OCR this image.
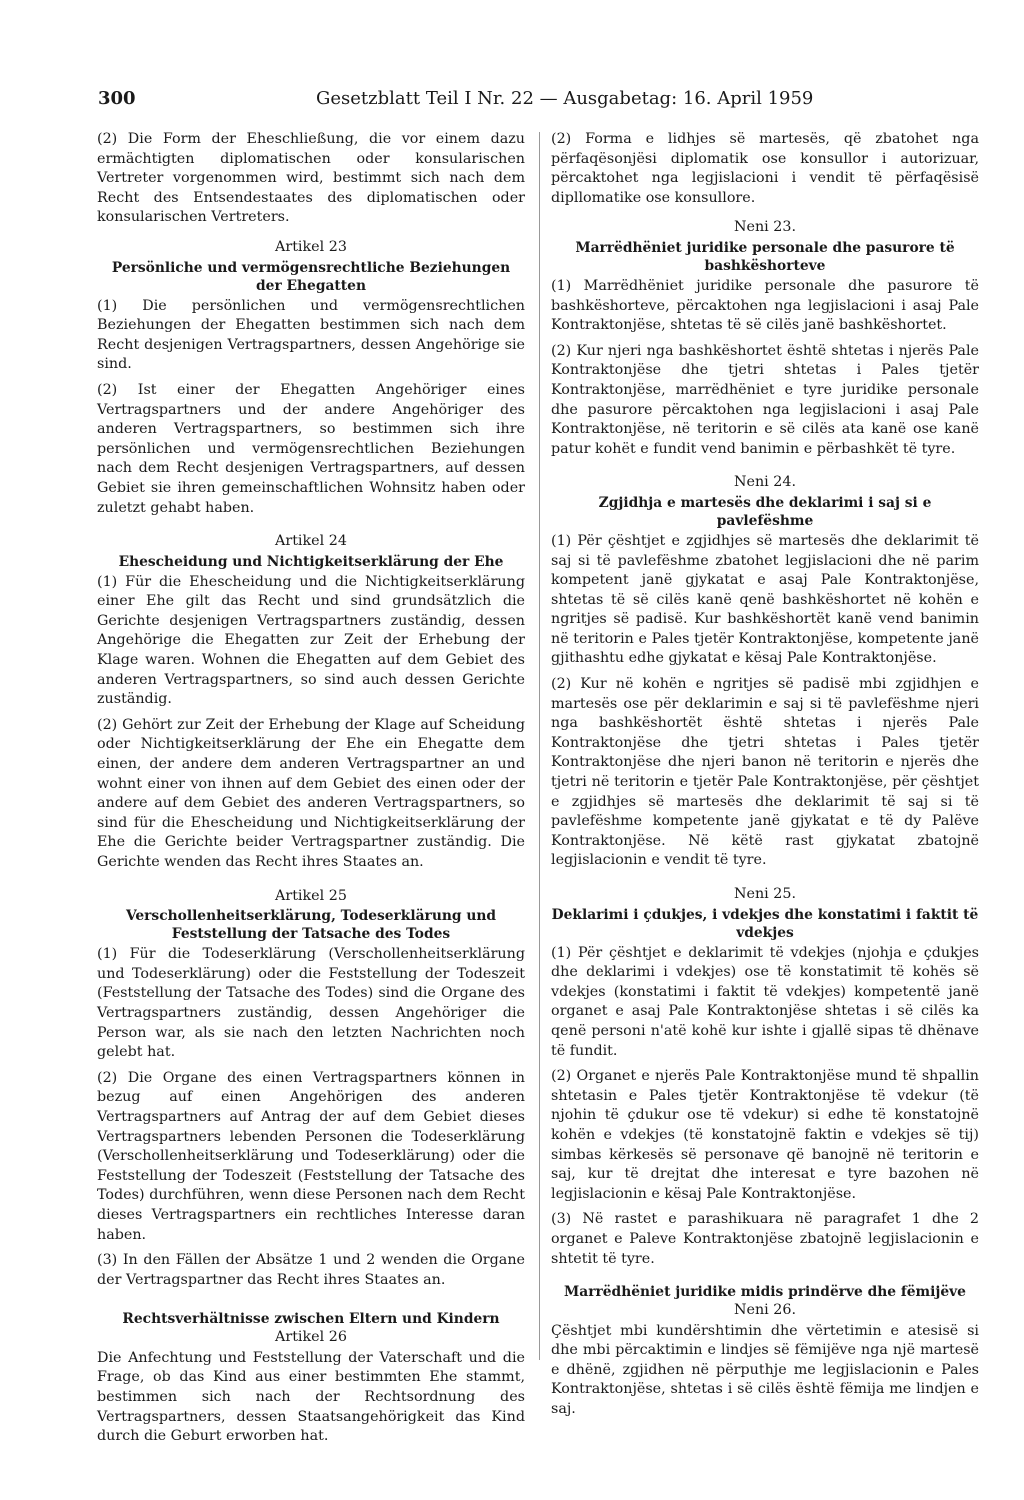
300	Gesetzblatt Teil I Nr. 22 — Ausgabetag: 16. April 1959

(2) Die Form der Eheschließung, die vor einem dazu ermächtigten diplomatischen oder konsularischen Vertreter vorgenommen wird, bestimmt sich nach dem Recht des Entsendestaates des diplomatischen oder konsularischen Vertreters.

Artikel 23
Persönliche und vermögensrechtliche Beziehungen der Ehegatten

(1) Die persönlichen und vermögensrechtlichen Beziehungen der Ehegatten bestimmen sich nach dem Recht desjenigen Vertragspartners, dessen Angehörige sie sind.

(2) Ist einer der Ehegatten Angehöriger eines Vertragspartners und der andere Angehöriger des anderen Vertragspartners, so bestimmen sich ihre persönlichen und vermögensrechtlichen Beziehungen nach dem Recht desjenigen Vertragspartners, auf dessen Gebiet sie ihren gemeinschaftlichen Wohnsitz haben oder zuletzt gehabt haben.

Artikel 24
Ehescheidung und Nichtigkeitserklärung der Ehe

(1) Für die Ehescheidung und die Nichtigkeitserklärung einer Ehe gilt das Recht und sind grundsätzlich die Gerichte desjenigen Vertragspartners zuständig, dessen Angehörige die Ehegatten zur Zeit der Erhebung der Klage waren. Wohnen die Ehegatten auf dem Gebiet des anderen Vertragspartners, so sind auch dessen Gerichte zuständig.

(2) Gehört zur Zeit der Erhebung der Klage auf Scheidung oder Nichtigkeitserklärung der Ehe ein Ehegatte dem einen, der andere dem anderen Vertragspartner an und wohnt einer von ihnen auf dem Gebiet des einen oder der andere auf dem Gebiet des anderen Vertragspartners, so sind für die Ehescheidung und Nichtigkeitserklärung der Ehe die Gerichte beider Vertragspartner zuständig. Die Gerichte wenden das Recht ihres Staates an.

Artikel 25
Verschollenheitserklärung, Todeserklärung und Feststellung der Tatsache des Todes

(1) Für die Todeserklärung (Verschollenheitserklärung und Todeserklärung) oder die Feststellung der Todeszeit (Feststellung der Tatsache des Todes) sind die Organe des Vertragspartners zuständig, dessen Angehöriger die Person war, als sie nach den letzten Nachrichten noch gelebt hat.

(2) Die Organe des einen Vertragspartners können in bezug auf einen Angehörigen des anderen Vertragspartners auf Antrag der auf dem Gebiet dieses Vertragspartners lebenden Personen die Todeserklärung (Verschollenheitserklärung und Todeserklärung) oder die Feststellung der Todeszeit (Feststellung der Tatsache des Todes) durchführen, wenn diese Personen nach dem Recht dieses Vertragspartners ein rechtliches Interesse daran haben.

(3) In den Fällen der Absätze 1 und 2 wenden die Organe der Vertragspartner das Recht ihres Staates an.

Rechtsverhältnisse zwischen Eltern und Kindern
Artikel 26

Die Anfechtung und Feststellung der Vaterschaft und die Frage, ob das Kind aus einer bestimmten Ehe stammt, bestimmen sich nach der Rechtsordnung des Vertragspartners, dessen Staatsangehörigkeit das Kind durch die Geburt erworben hat.

(2) Forma e lidhjes së martesës, që zbatohet nga përfaqësonjësi diplomatik ose konsullor i autorizuar, përcaktohet nga legjislacioni i vendit të përfaqësisë dipllomatike ose konsullore.

Neni 23.
Marrëdhëniet juridike personale dhe pasurore të bashkëshorteve

(1) Marrëdhëniet juridike personale dhe pasurore të bashkëshorteve, përcaktohen nga legjislacioni i asaj Pale Kontraktonjëse, shtetas të së cilës janë bashkëshortet.

(2) Kur njeri nga bashkëshortet është shtetas i njerës Pale Kontraktonjëse dhe tjetri shtetas i Pales tjetër Kontraktonjëse, marrëdhëniet e tyre juridike personale dhe pasurore përcaktohen nga legjislacioni i asaj Pale Kontraktonjëse, në teritorin e së cilës ata kanë ose kanë patur kohët e fundit vend banimin e përbashkët të tyre.

Neni 24.
Zgjidhja e martesës dhe deklarimi i saj si e pavlefëshme

(1) Për çështjet e zgjidhjes së martesës dhe deklarimit të saj si të pavlefëshme zbatohet legjislacioni dhe në parim kompetent janë gjykatat e asaj Pale Kontraktonjëse, shtetas të së cilës kanë qenë bashkëshortet në kohën e ngritjes së padisë. Kur bashkëshortët kanë vend banimin në teritorin e Pales tjetër Kontraktonjëse, kompetente janë gjithashtu edhe gjykatat e kësaj Pale Kontraktonjëse.

(2) Kur në kohën e ngritjes së padisë mbi zgjidhjen e martesës ose për deklarimin e saj si të pavlefëshme njeri nga bashkëshortët është shtetas i njerës Pale Kontraktonjëse dhe tjetri shtetas i Pales tjetër Kontraktonjëse dhe njeri banon në teritorin e njerës dhe tjetri në teritorin e tjetër Pale Kontraktonjëse, për çështjet e zgjidhjes së martesës dhe deklarimit të saj si të pavlefëshme kompetente janë gjykatat e të dy Palëve Kontraktonjëse. Në këtë rast gjykatat zbatojnë legjislacionin e vendit të tyre.

Neni 25.
Deklarimi i çdukjes, i vdekjes dhe konstatimi i faktit të vdekjes

(1) Për çështjet e deklarimit të vdekjes (njohja e çdukjes dhe deklarimi i vdekjes) ose të konstatimit të kohës së vdekjes (konstatimi i faktit të vdekjes) kompetentë janë organet e asaj Pale Kontraktonjëse shtetas i së cilës ka qenë personi n'atë kohë kur ishte i gjallë sipas të dhënave të fundit.

(2) Organet e njerës Pale Kontraktonjëse mund të shpallin shtetasin e Pales tjetër Kontraktonjëse të vdekur (të njohin të çdukur ose të vdekur) si edhe të konstatojnë kohën e vdekjes (të konstatojnë faktin e vdekjes së tij) simbas kërkesës së personave që banojnë në teritorin e saj, kur të drejtat dhe interesat e tyre bazohen në legjislacionin e kësaj Pale Kontraktonjëse.

(3) Në rastet e parashikuara në paragrafet 1 dhe 2 organet e Paleve Kontraktonjëse zbatojnë legjislacionin e shtetit të tyre.

Marrëdhëniet juridike midis prindërve dhe fëmijëve
Neni 26.

Çështjet mbi kundërshtimin dhe vërtetimin e atesisë si dhe mbi përcaktimin e lindjes së fëmijëve nga një martesë e dhënë, zgjidhen në përputhje me legjislacionin e Pales Kontraktonjëse, shtetas i së cilës është fëmija me lindjen e saj.
